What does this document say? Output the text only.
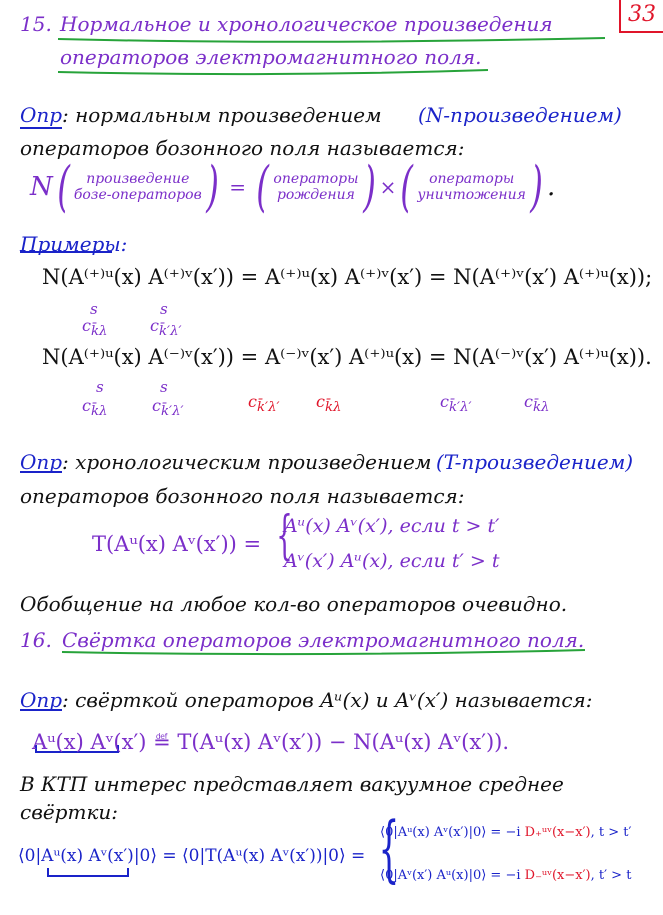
33
15. Нормальное и хронологическое произведения
операторов электромагнитного поля.
Опр : нормальным произведением (N-произведением)
операторов бозонного поля называется:
N( произведение
бозе-операторов) = ( операторы
рождения ) ×( операторы
уничтожения) .
Примеры:
N(A⁽⁺⁾ᵘ(x) A⁽⁺⁾ᵛ(x′)) = A⁽⁺⁾ᵘ(x) A⁽⁺⁾ᵛ(x′) = N(A⁽⁺⁾ᵛ(x′) A⁽⁺⁾ᵘ(x));
s	s
$c_{k̄\lambda}$	$c_{k̄'\lambda'}$
N(A⁽⁺⁾ᵘ(x) A⁽⁻⁾ᵛ(x′)) = A⁽⁻⁾ᵛ(x′) A⁽⁺⁾ᵘ(x) = N(A⁽⁻⁾ᵛ(x′) A⁽⁺⁾ᵘ(x)).
s	s
$c_{k̄\lambda}$	$c_{k̄'\lambda'}$
$c_{k̄'\lambda'}$ $c_{k̄\lambda}$	$c_{k̄'\lambda'}$	$c_{k̄\lambda}$
Опр : хронологическим произведением (T-произведением)
операторов бозонного поля называется:
T(Aᵘ(x) Aᵛ(x′)) = {
Aᵘ(x) Aᵛ(x′), если t > t′
Aᵛ(x′) Aᵘ(x), если t′ > t
Обобщение на любое кол-во операторов очевидно.
16. Свёртка операторов электромагнитного поля.
Опр : свёрткой операторов Aᵘ(x) и Aᵛ(x′) называется:
Aᵘ(x) Aᵛ(x′) ≝ T(Aᵘ(x) Aᵛ(x′)) − N(Aᵘ(x) Aᵛ(x′)).
В КТП интерес представляет вакуумное среднее
свёртки:
⟨0|Aᵘ(x) Aᵛ(x′)|0⟩ = ⟨0|T(Aᵘ(x) Aᵛ(x′))|0⟩ = {
⟨0|Aᵘ(x) Aᵛ(x′)|0⟩ = −i D₊ᵘᵛ(x−x′), t > t′
⟨0|Aᵛ(x′) Aᵘ(x)|0⟩ = −i D₋ᵘᵛ(x−x′), t′ > t
